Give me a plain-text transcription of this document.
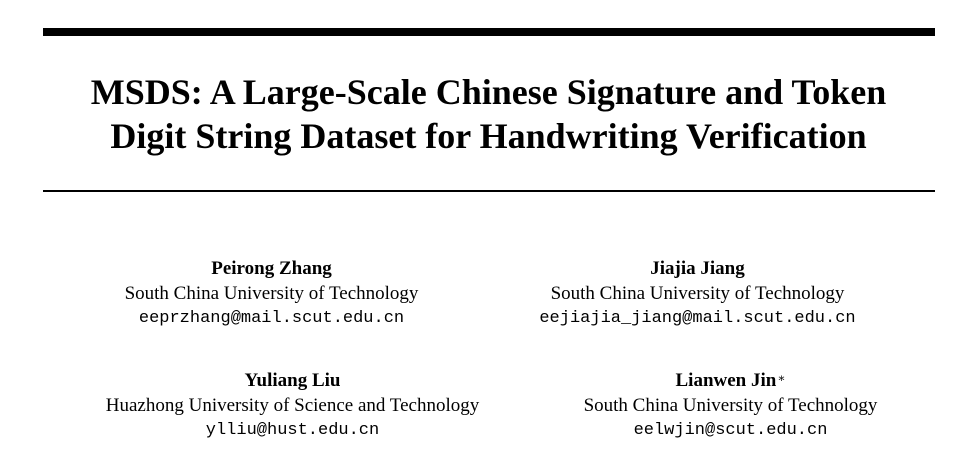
MSDS: A Large-Scale Chinese Signature and Token
Digit String Dataset for Handwriting Verification
Peirong Zhang
South China University of Technology
eeprzhang@mail.scut.edu.cn
Jiajia Jiang
South China University of Technology
eejiajia_jiang@mail.scut.edu.cn
Yuliang Liu
Huazhong University of Science and Technology
ylliu@hust.edu.cn
Lianwen Jin∗
South China University of Technology
eelwjin@scut.edu.cn
